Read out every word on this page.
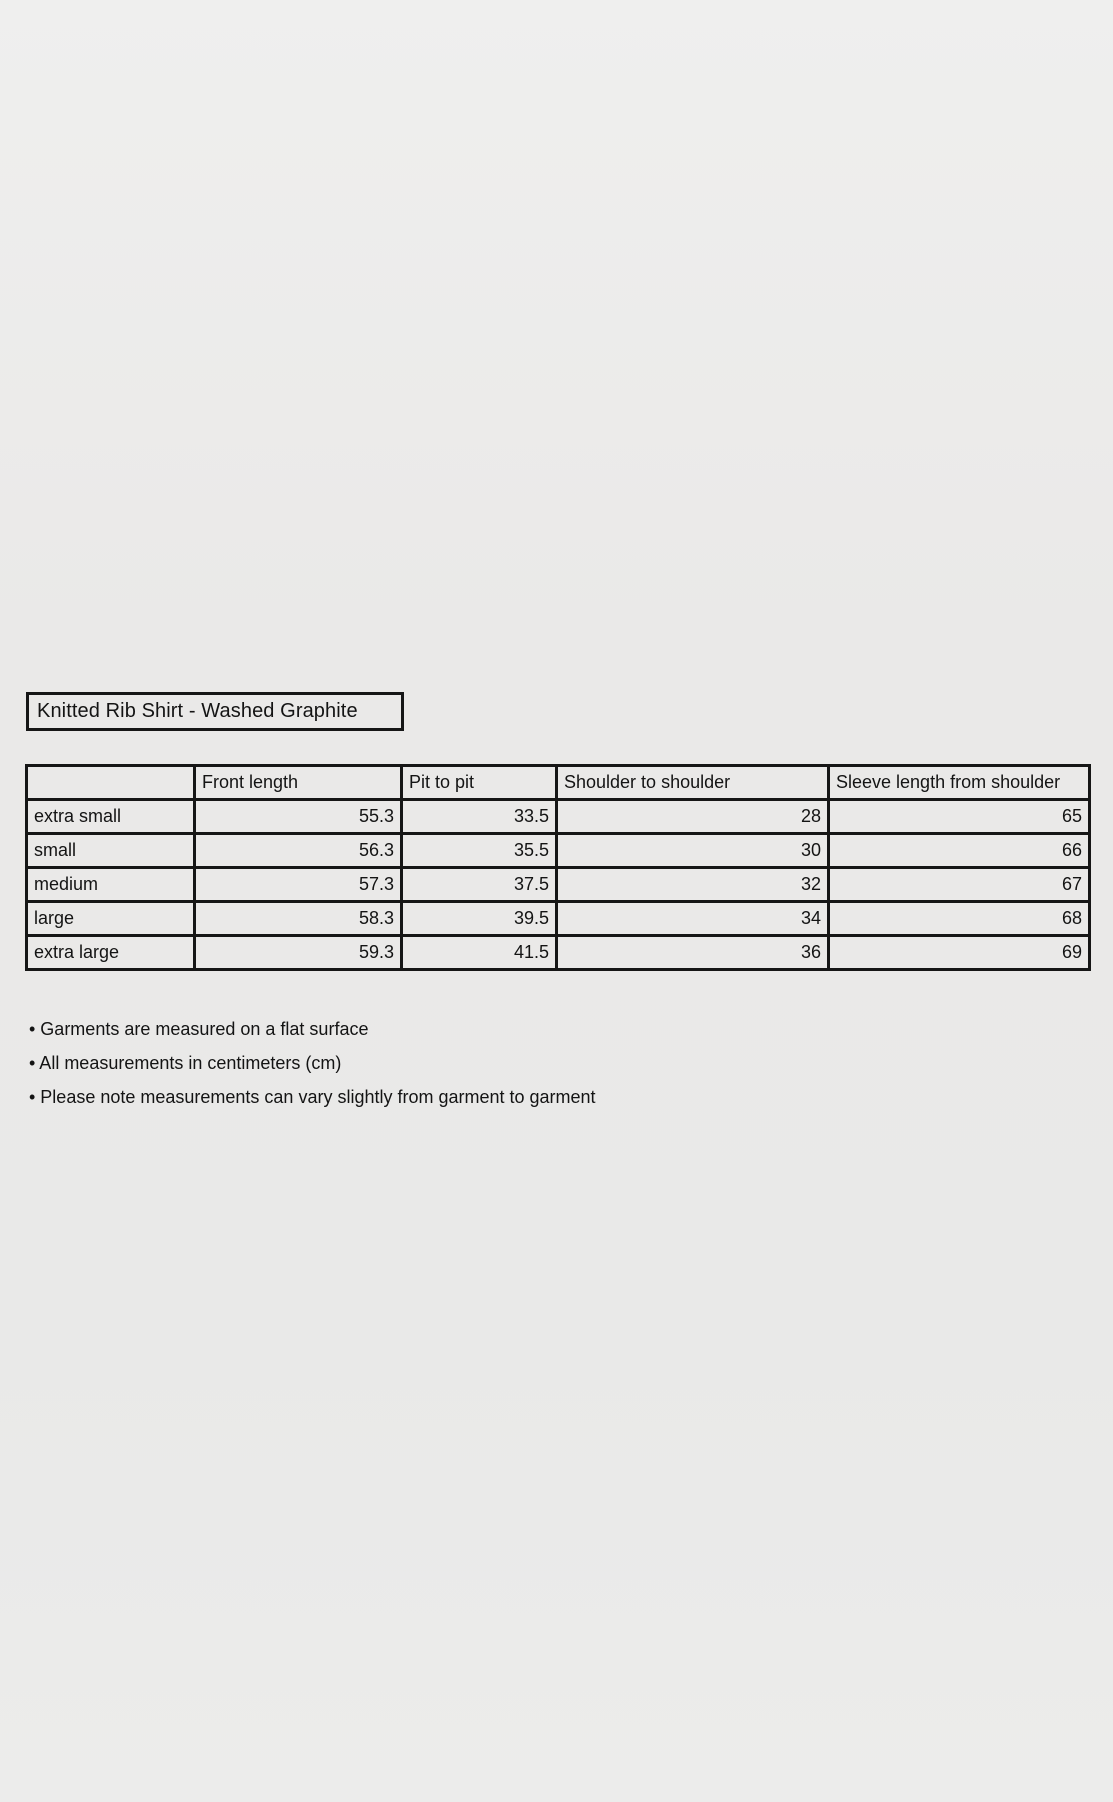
Knitted Rib Shirt - Washed Graphite
	Front length	Pit to pit	Shoulder to shoulder	Sleeve length from shoulder
extra small	55.3	33.5	28	65
small	56.3	35.5	30	66
medium	57.3	37.5	32	67
large	58.3	39.5	34	68
extra large	59.3	41.5	36	69

• Garments are measured on a flat surface

• All measurements in centimeters (cm)

• Please note measurements can vary slightly from garment to garment
